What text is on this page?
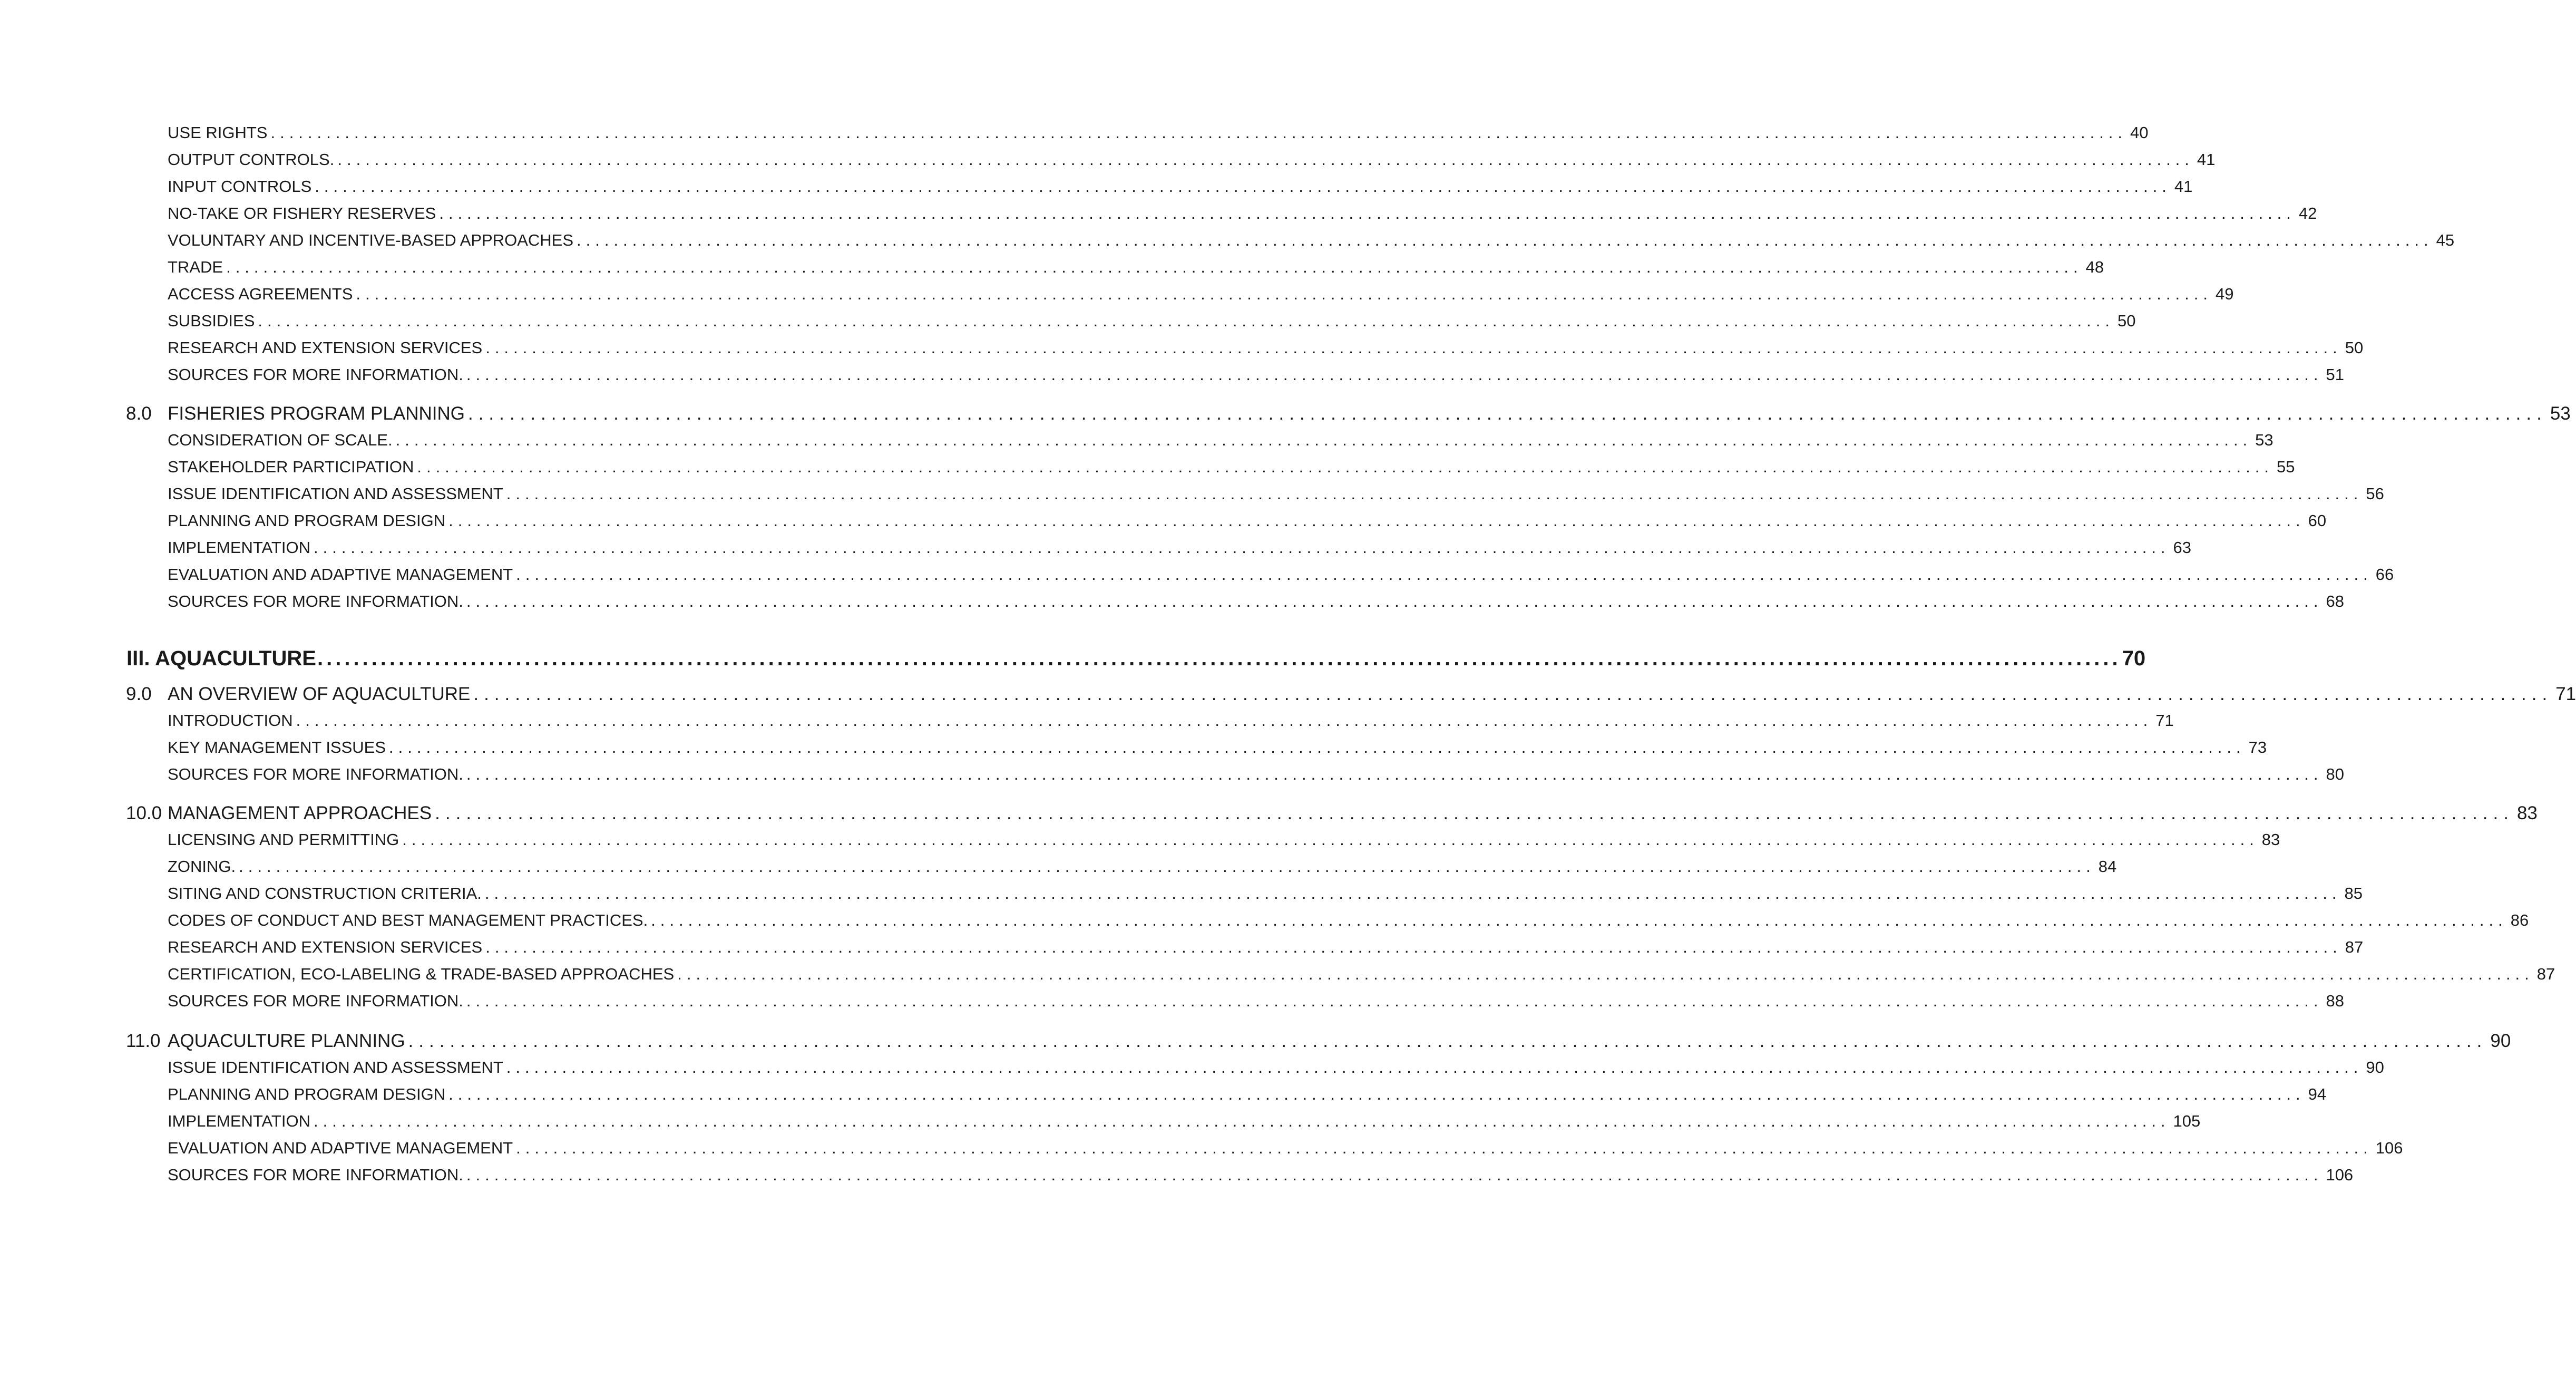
USE RIGHTS ........................................................................................................................................................................................................ 40
OUTPUT CONTROLS. ........................................................................................................................................................................................................ 41
INPUT CONTROLS ........................................................................................................................................................................................................ 41
NO-TAKE OR FISHERY RESERVES ........................................................................................................................................................................................................ 42
VOLUNTARY AND INCENTIVE-BASED APPROACHES ........................................................................................................................................................................................................ 45
TRADE ........................................................................................................................................................................................................ 48
ACCESS AGREEMENTS ........................................................................................................................................................................................................ 49
SUBSIDIES ........................................................................................................................................................................................................ 50
RESEARCH AND EXTENSION SERVICES ........................................................................................................................................................................................................ 50
SOURCES FOR MORE INFORMATION. ........................................................................................................................................................................................................ 51
8.0 FISHERIES PROGRAM PLANNING ........................................................................................................................................................................................................ 53
CONSIDERATION OF SCALE. ........................................................................................................................................................................................................ 53
STAKEHOLDER PARTICIPATION ........................................................................................................................................................................................................ 55
ISSUE IDENTIFICATION AND ASSESSMENT ........................................................................................................................................................................................................ 56
PLANNING AND PROGRAM DESIGN ........................................................................................................................................................................................................ 60
IMPLEMENTATION ........................................................................................................................................................................................................ 63
EVALUATION AND ADAPTIVE MANAGEMENT ........................................................................................................................................................................................................ 66
SOURCES FOR MORE INFORMATION. ........................................................................................................................................................................................................ 68
III. AQUACULTURE ........................................................................................................................................................................................................ 70
9.0 AN OVERVIEW OF AQUACULTURE ........................................................................................................................................................................................................ 71
INTRODUCTION ........................................................................................................................................................................................................ 71
KEY MANAGEMENT ISSUES ........................................................................................................................................................................................................ 73
SOURCES FOR MORE INFORMATION. ........................................................................................................................................................................................................ 80
10.0 MANAGEMENT APPROACHES ........................................................................................................................................................................................................ 83
LICENSING AND PERMITTING ........................................................................................................................................................................................................ 83
ZONING. ........................................................................................................................................................................................................ 84
SITING AND CONSTRUCTION CRITERIA. ........................................................................................................................................................................................................ 85
CODES OF CONDUCT AND BEST MANAGEMENT PRACTICES. ........................................................................................................................................................................................................ 86
RESEARCH AND EXTENSION SERVICES ........................................................................................................................................................................................................ 87
CERTIFICATION, ECO-LABELING & TRADE-BASED APPROACHES ........................................................................................................................................................................................................ 87
SOURCES FOR MORE INFORMATION. ........................................................................................................................................................................................................ 88
11.0 AQUACULTURE PLANNING ........................................................................................................................................................................................................ 90
ISSUE IDENTIFICATION AND ASSESSMENT ........................................................................................................................................................................................................ 90
PLANNING AND PROGRAM DESIGN ........................................................................................................................................................................................................ 94
IMPLEMENTATION ........................................................................................................................................................................................................ 105
EVALUATION AND ADAPTIVE MANAGEMENT ........................................................................................................................................................................................................ 106
SOURCES FOR MORE INFORMATION. ........................................................................................................................................................................................................ 106
